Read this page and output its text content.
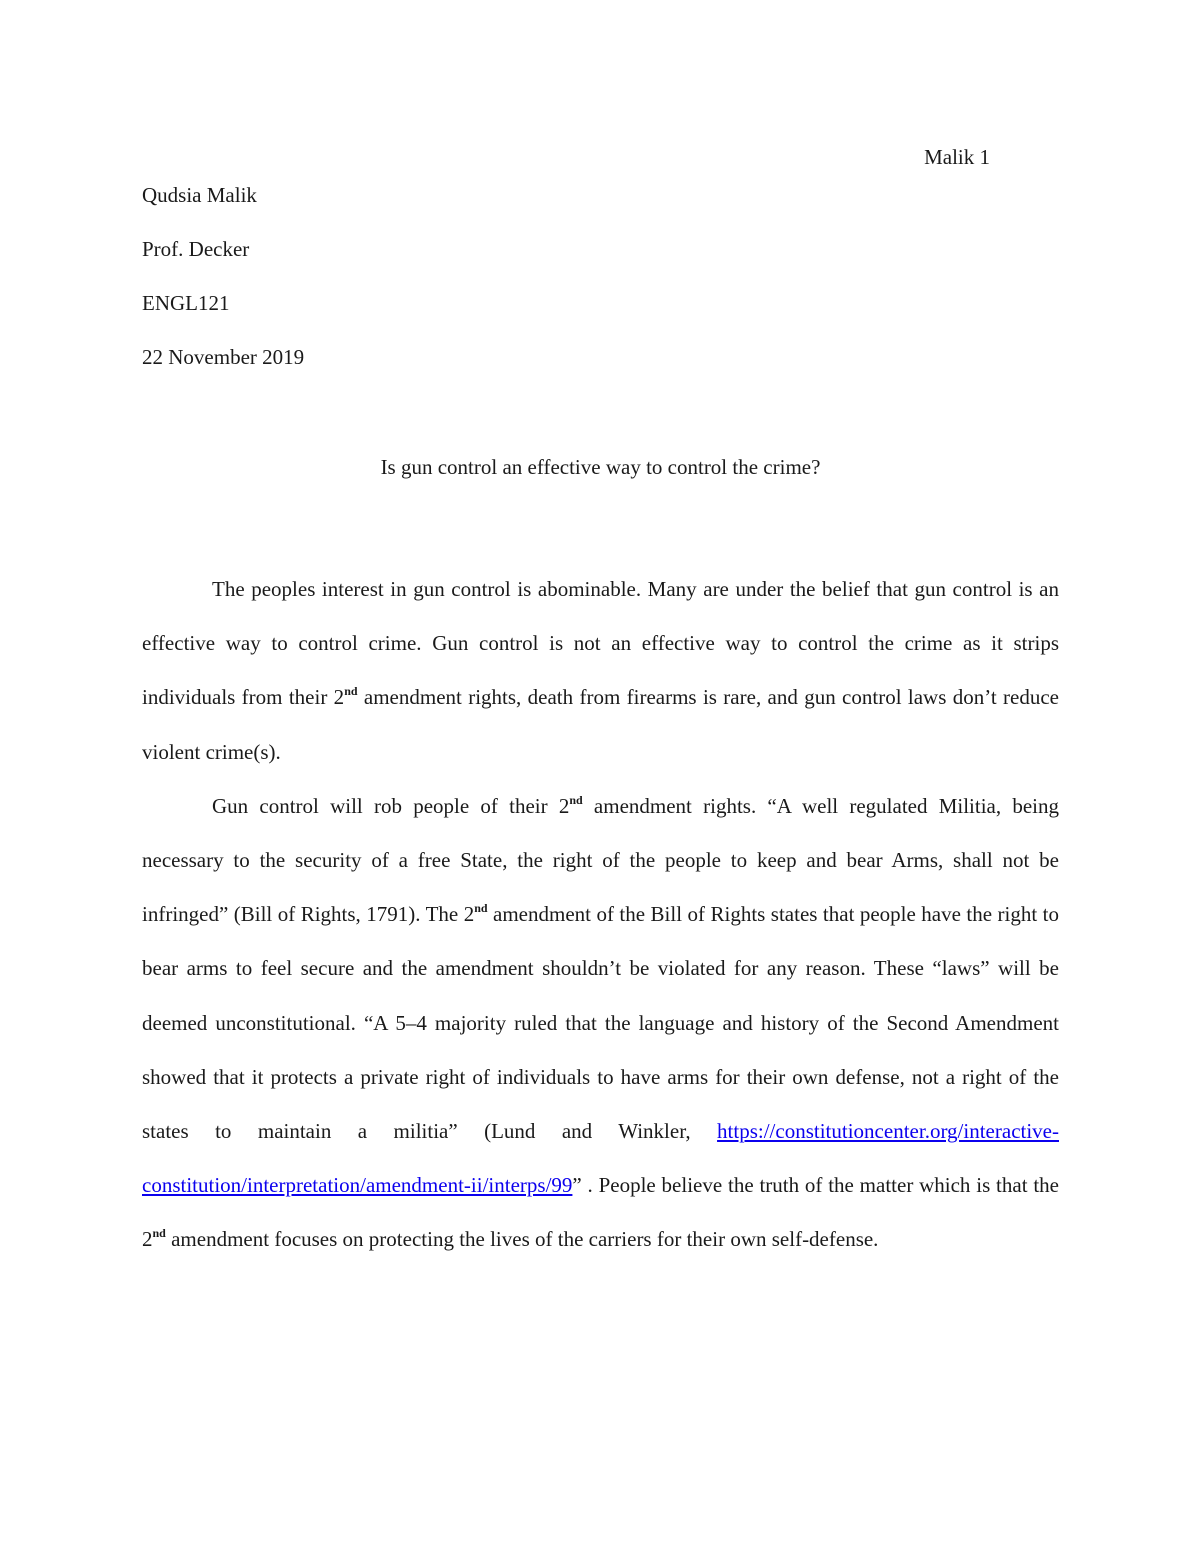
Malik 1
Qudsia Malik
Prof. Decker
ENGL121
22 November 2019
Is gun control an effective way to control the crime?

The peoples interest in gun control is abominable. Many are under the belief that gun control is an effective way to control crime. Gun control is not an effective way to control the crime as it strips individuals from their 2nd amendment rights, death from firearms is rare, and gun control laws don’t reduce violent crime(s).

Gun control will rob people of their 2nd amendment rights. “A well regulated Militia, being necessary to the security of a free State, the right of the people to keep and bear Arms, shall not be infringed” (Bill of Rights, 1791). The 2nd amendment of the Bill of Rights states that people have the right to bear arms to feel secure and the amendment shouldn’t be violated for any reason. These “laws” will be deemed unconstitutional. “A 5–4 majority ruled that the language and history of the Second Amendment showed that it protects a private right of individuals to have arms for their own defense, not a right of the states to maintain a militia” (Lund and Winkler, https://constitutioncenter.org/interactive-constitution/interpretation/amendment-ii/interps/99” . People believe the truth of the matter which is that the 2nd amendment focuses on protecting the lives of the carriers for their own self-defense.
